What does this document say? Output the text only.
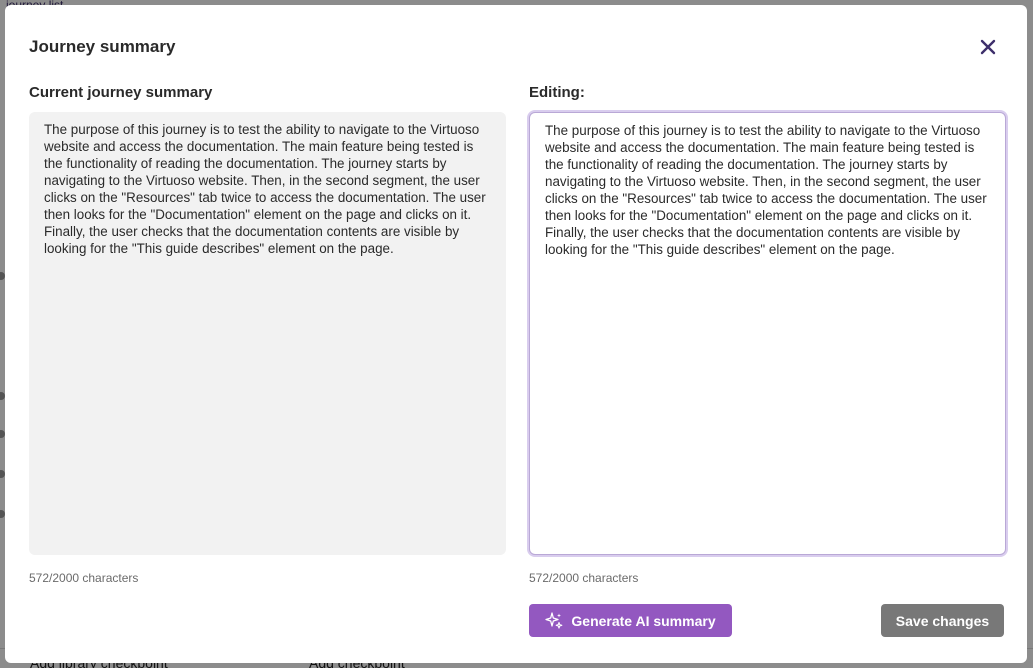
Journey summary
Current journey summary	Editing:
The purpose of this journey is to test the ability to navigate to the Virtuoso website and access the documentation. The main feature being tested is the functionality of reading the documentation. The journey starts by navigating to the Virtuoso website. Then, in the second segment, the user clicks on the "Resources" tab twice to access the documentation. The user then looks for the "Documentation" element on the page and clicks on it. Finally, the user checks that the documentation contents are visible by looking for the "This guide describes" element on the page.
The purpose of this journey is to test the ability to navigate to the Virtuoso website and access the documentation. The main feature being tested is the functionality of reading the documentation. The journey starts by navigating to the Virtuoso website. Then, in the second segment, the user clicks on the "Resources" tab twice to access the documentation. The user then looks for the "Documentation" element on the page and clicks on it. Finally, the user checks that the documentation contents are visible by looking for the "This guide describes" element on the page.
572/2000 characters	572/2000 characters
Generate AI summary	Save changes
